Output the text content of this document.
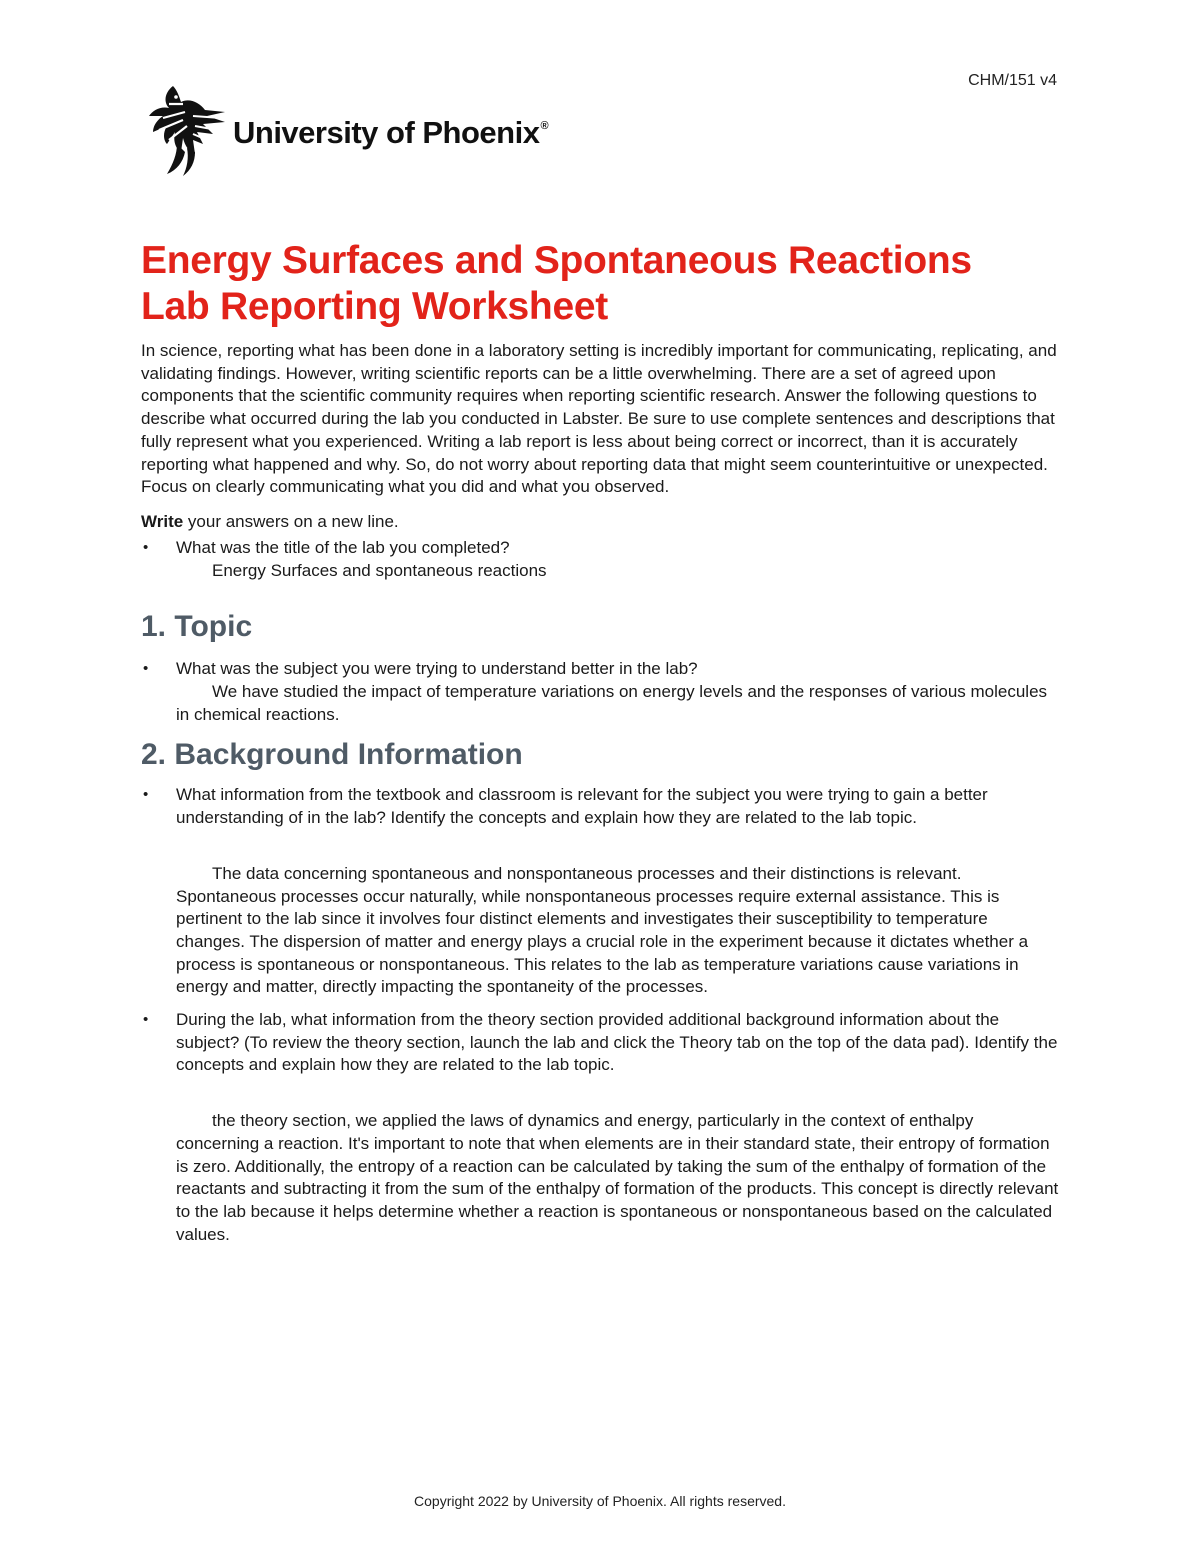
CHM/151 v4
University of Phoenix®
Energy Surfaces and Spontaneous Reactions
Lab Reporting Worksheet

In science, reporting what has been done in a laboratory setting is incredibly important for communicating, replicating, and validating findings. However, writing scientific reports can be a little overwhelming. There are a set of agreed upon components that the scientific community requires when reporting scientific research. Answer the following questions to describe what occurred during the lab you conducted in Labster. Be sure to use complete sentences and descriptions that fully represent what you experienced. Writing a lab report is less about being correct or incorrect, than it is accurately reporting what happened and why. So, do not worry about reporting data that might seem counterintuitive or unexpected. Focus on clearly communicating what you did and what you observed.

Write your answers on a new line.

• What was the title of the lab you completed?
Energy Surfaces and spontaneous reactions
1. Topic
• What was the subject you were trying to understand better in the lab?
We have studied the impact of temperature variations on energy levels and the responses of various molecules in chemical reactions.
2. Background Information
• What information from the textbook and classroom is relevant for the subject you were trying to gain a better understanding of in the lab? Identify the concepts and explain how they are related to the lab topic.
The data concerning spontaneous and nonspontaneous processes and their distinctions is relevant. Spontaneous processes occur naturally, while nonspontaneous processes require external assistance. This is pertinent to the lab since it involves four distinct elements and investigates their susceptibility to temperature changes. The dispersion of matter and energy plays a crucial role in the experiment because it dictates whether a process is spontaneous or nonspontaneous. This relates to the lab as temperature variations cause variations in energy and matter, directly impacting the spontaneity of the processes.
• During the lab, what information from the theory section provided additional background information about the subject? (To review the theory section, launch the lab and click the Theory tab on the top of the data pad). Identify the concepts and explain how they are related to the lab topic.
the theory section, we applied the laws of dynamics and energy, particularly in the context of enthalpy concerning a reaction. It's important to note that when elements are in their standard state, their entropy of formation is zero. Additionally, the entropy of a reaction can be calculated by taking the sum of the enthalpy of formation of the reactants and subtracting it from the sum of the enthalpy of formation of the products. This concept is directly relevant to the lab because it helps determine whether a reaction is spontaneous or nonspontaneous based on the calculated values.
Copyright 2022 by University of Phoenix. All rights reserved.
